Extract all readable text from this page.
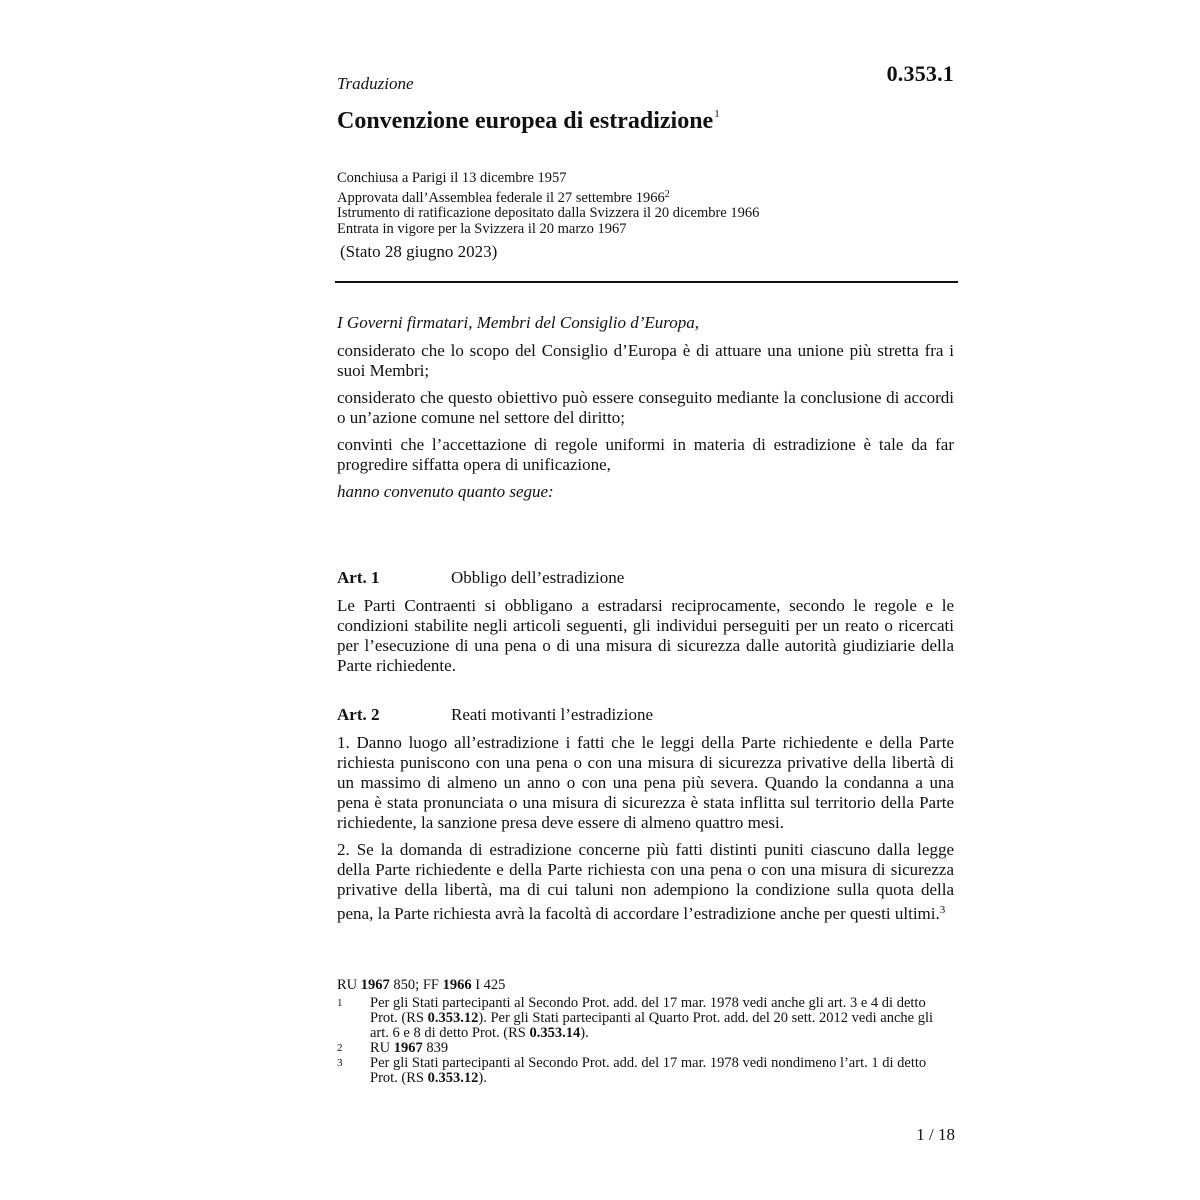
Traduzione	0.353.1
Convenzione europea di estradizione$^1$
Conchiusa a Parigi il 13 dicembre 1957
Approvata dall’Assemblea federale il 27 settembre 1966$^2$
Istrumento di ratificazione depositato dalla Svizzera il 20 dicembre 1966
Entrata in vigore per la Svizzera il 20 marzo 1967
(Stato 28 giugno 2023)

I Governi firmatari, Membri del Consiglio d’Europa,

considerato che lo scopo del Consiglio d’Europa è di attuare una unione più stretta fra i suoi Membri;

considerato che questo obiettivo può essere conseguito mediante la conclusione di accordi o un’azione comune nel settore del diritto;

convinti che l’accettazione di regole uniformi in materia di estradizione è tale da far progredire siffatta opera di unificazione,

hanno convenuto quanto segue:

Art. 1	Obbligo dell’estradizione

Le Parti Contraenti si obbligano a estradarsi reciprocamente, secondo le regole e le condizioni stabilite negli articoli seguenti, gli individui perseguiti per un reato o ricercati per l’esecuzione di una pena o di una misura di sicurezza dalle autorità giudiziarie della Parte richiedente.

Art. 2	Reati motivanti l’estradizione

1. Danno luogo all’estradizione i fatti che le leggi della Parte richiedente e della Parte richiesta puniscono con una pena o con una misura di sicurezza privative della libertà di un massimo di almeno un anno o con una pena più severa. Quando la condanna a una pena è stata pronunciata o una misura di sicurezza è stata inflitta sul territorio della Parte richiedente, la sanzione presa deve essere di almeno quattro mesi.

2. Se la domanda di estradizione concerne più fatti distinti puniti ciascuno dalla legge della Parte richiedente e della Parte richiesta con una pena o con una misura di sicurezza privative della libertà, ma di cui taluni non adempiono la condizione sulla quota della pena, la Parte richiesta avrà la facoltà di accordare l’estradizione anche per questi ultimi.$^3$

RU 1967 850; FF 1966 I 425
1	Per gli Stati partecipanti al Secondo Prot. add. del 17 mar. 1978 vedi anche gli art. 3 e 4 di detto Prot. (RS 0.353.12). Per gli Stati partecipanti al Quarto Prot. add. del 20 sett. 2012 vedi anche gli art. 6 e 8 di detto Prot. (RS 0.353.14).
2	RU 1967 839
3	Per gli Stati partecipanti al Secondo Prot. add. del 17 mar. 1978 vedi nondimeno l’art. 1 di detto Prot. (RS 0.353.12).
1 / 18
